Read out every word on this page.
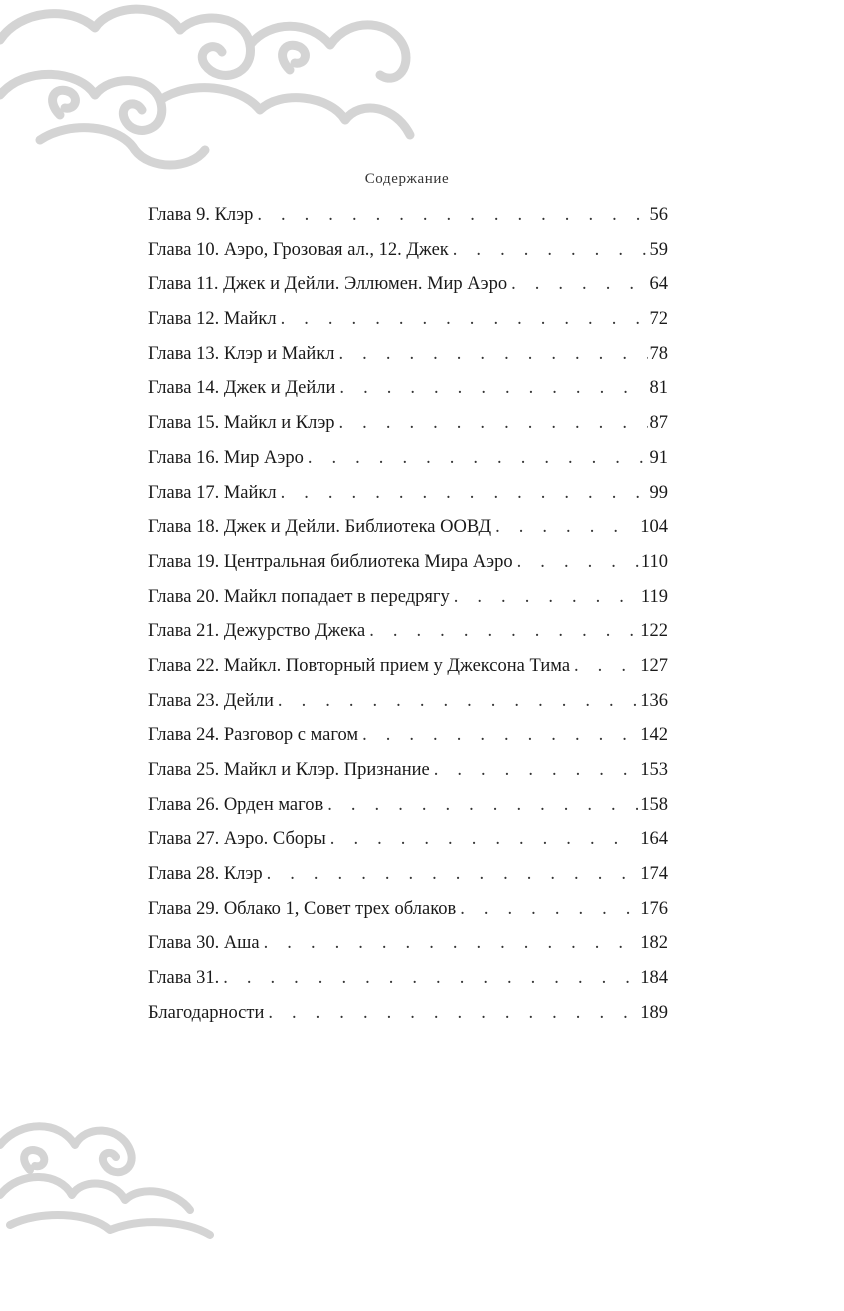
Содержание
Глава 9. Клэр . . .	56
Глава 10. Аэро, Грозовая ал., 12. Джек . . .	59
Глава 11. Джек и Дейли. Эллюмен. Мир Аэро . . .	64
Глава 12. Майкл . . .	72
Глава 13. Клэр и Майкл . . .	78
Глава 14. Джек и Дейли . . .	81
Глава 15. Майкл и Клэр . . .	87
Глава 16. Мир Аэро . . .	91
Глава 17. Майкл . . .	99
Глава 18. Джек и Дейли. Библиотека ООВД . . .	104
Глава 19. Центральная библиотека Мира Аэро . . .	110
Глава 20. Майкл попадает в передрягу . . .	119
Глава 21. Дежурство Джека . . .	122
Глава 22. Майкл. Повторный прием у Джексона Тима . . .	127
Глава 23. Дейли . . .	136
Глава 24. Разговор с магом . . .	142
Глава 25. Майкл и Клэр. Признание . . .	153
Глава 26. Орден магов . . .	158
Глава 27. Аэро. Сборы . . .	164
Глава 28. Клэр . . .	174
Глава 29. Облако 1, Совет трех облаков . . .	176
Глава 30. Аша . . .	182
Глава 31. . . .	184
Благодарности . . .	189
